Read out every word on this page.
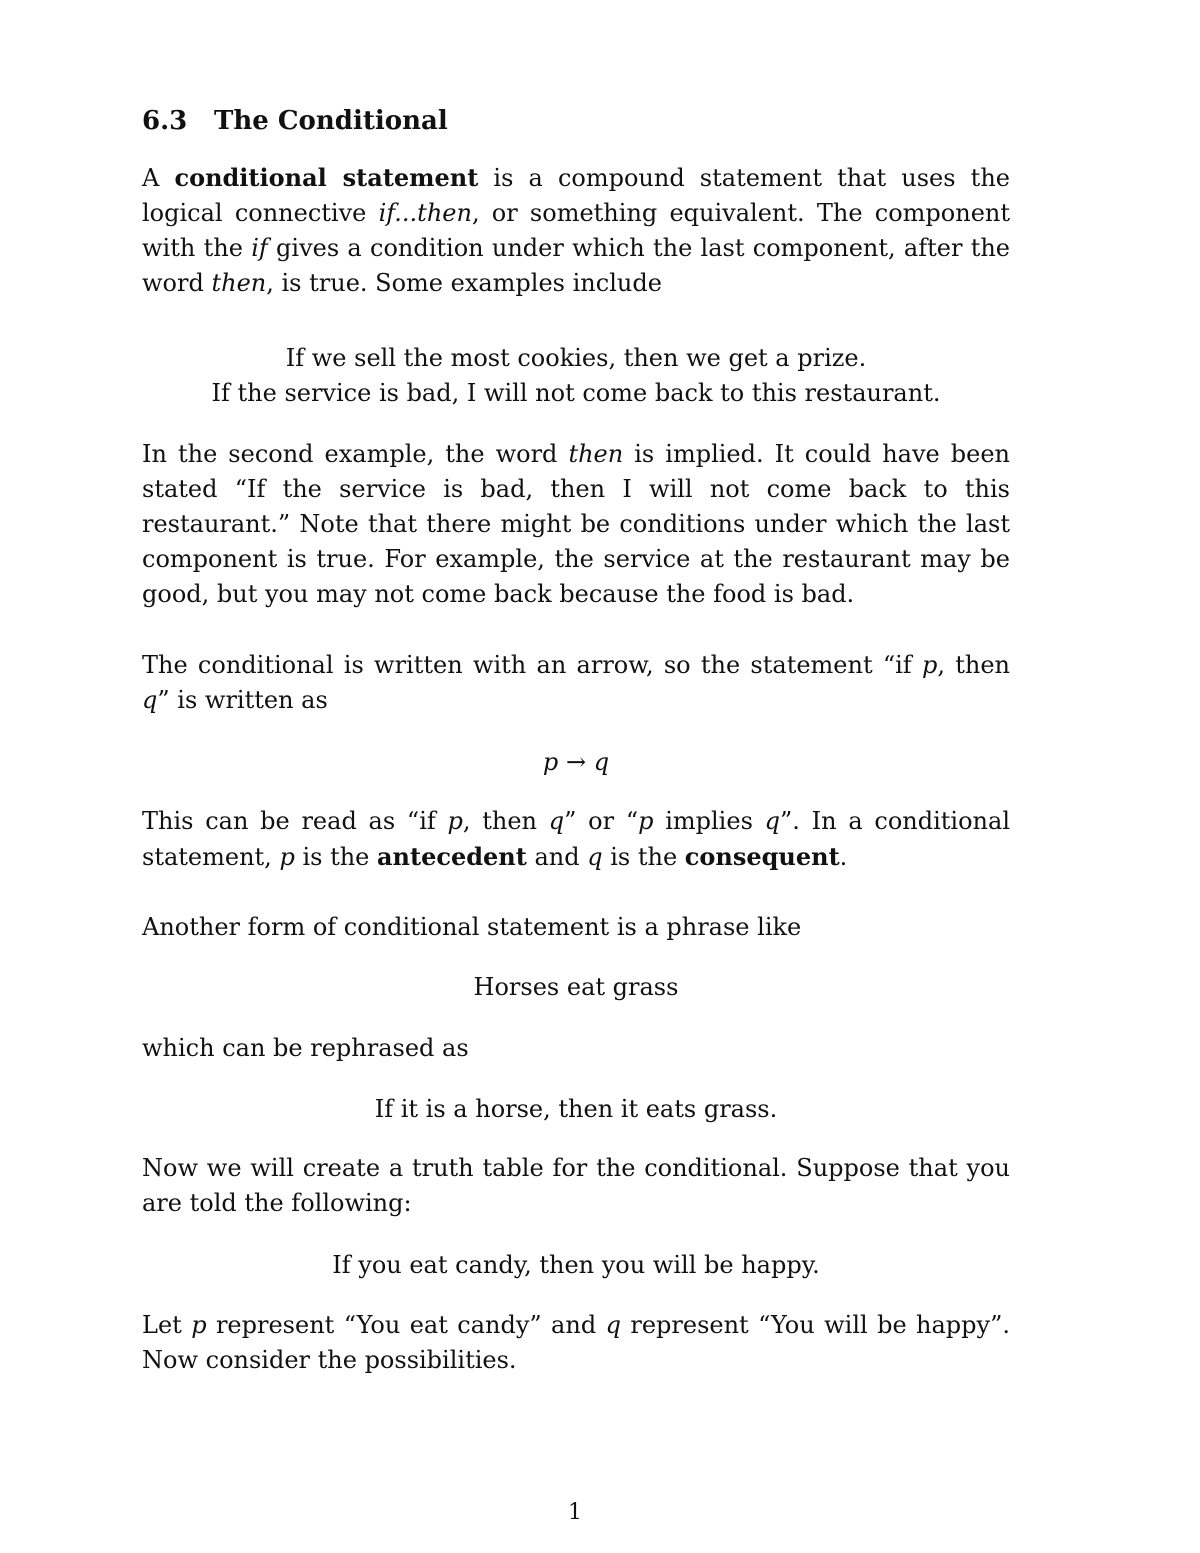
6.3 The Conditional

A conditional statement is a compound statement that uses the logical connective if...then, or something equivalent. The component with the if gives a condition under which the last component, after the word then, is true. Some examples include

If we sell the most cookies, then we get a prize.
If the service is bad, I will not come back to this restaurant.

In the second example, the word then is implied. It could have been stated “If the service is bad, then I will not come back to this restaurant.” Note that there might be conditions under which the last component is true. For example, the service at the restaurant may be good, but you may not come back because the food is bad.

The conditional is written with an arrow, so the statement “if p, then q” is written as

p → q

This can be read as “if p, then q” or “p implies q”. In a conditional statement, p is the antecedent and q is the consequent.

Another form of conditional statement is a phrase like

Horses eat grass

which can be rephrased as

If it is a horse, then it eats grass.

Now we will create a truth table for the conditional. Suppose that you are told the following:

If you eat candy, then you will be happy.

Let p represent “You eat candy” and q represent “You will be happy”. Now consider the possibilities.

1
